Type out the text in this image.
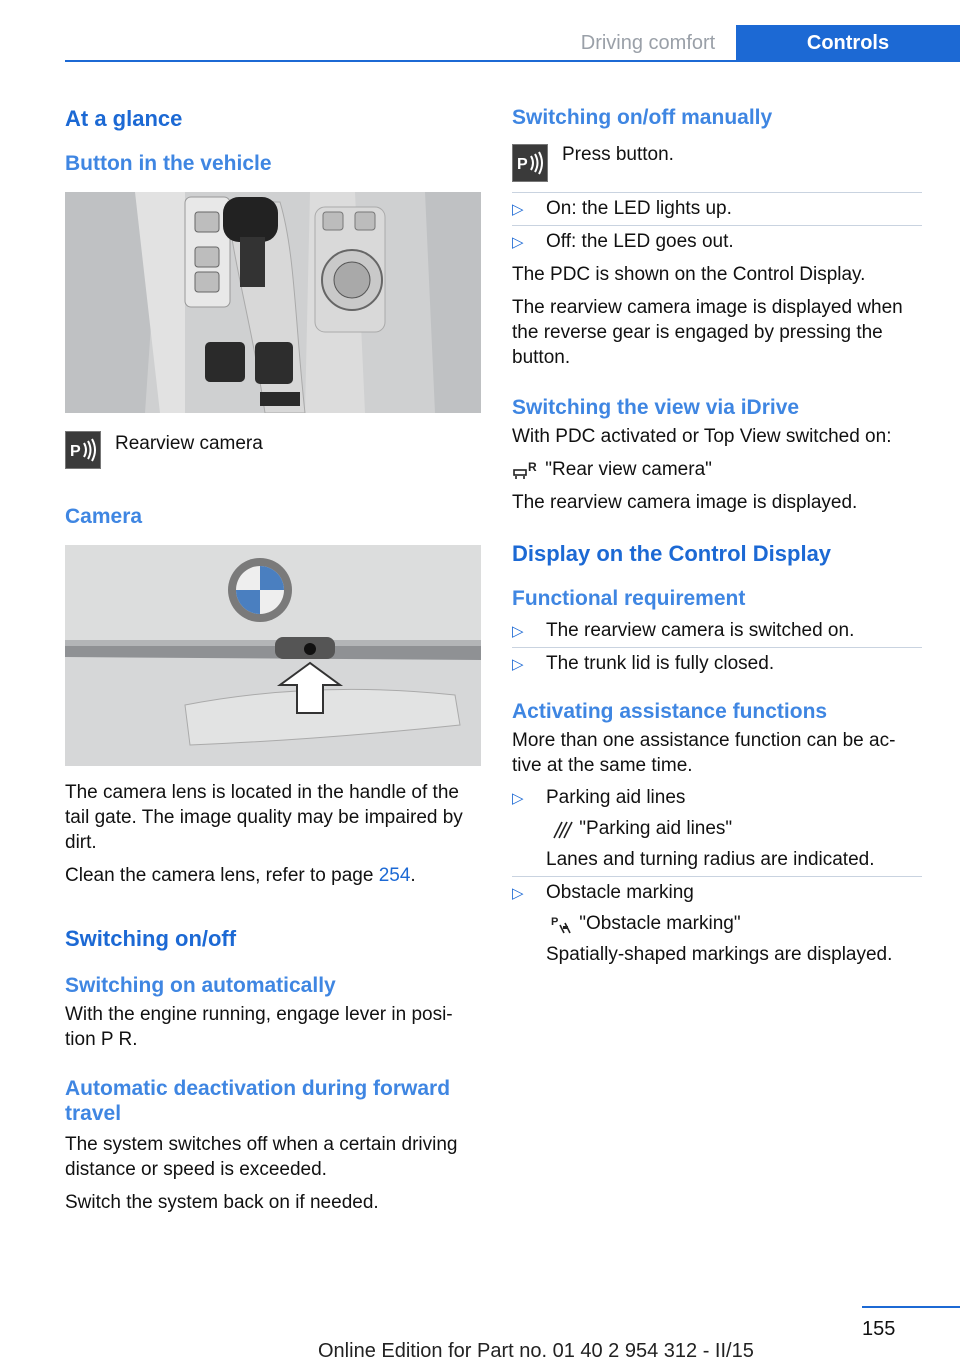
Driving comfort	Controls
At a glance
Button in the vehicle
P Rearview camera

Camera

The camera lens is located in the handle of the tail gate. The image quality may be impaired by dirt.

Clean the camera lens, refer to page 254.

Switching on/off
Switching on automatically

With the engine running, engage lever in posi‐tion P R.

Automatic deactivation during forward travel

The system switches off when a certain driving distance or speed is exceeded.

Switch the system back on if needed.

Switching on/off manually
P Press button.

▷ On: the LED lights up.
▷ Off: the LED goes out.

The PDC is shown on the Control Display.

The rearview camera image is displayed when the reverse gear is engaged by pressing the button.

Switching the view via iDrive

With PDC activated or Top View switched on:

R "Rear view camera"

The rearview camera image is displayed.

Display on the Control Display
Functional requirement
▷ The rearview camera is switched on.
▷ The trunk lid is fully closed.
Activating assistance functions

More than one assistance function can be ac‐tive at the same time.

▷ Parking aid lines
"Parking aid lines"
Lanes and turning radius are indicated.
▷ Obstacle marking
P "Obstacle marking"
Spatially-shaped markings are displayed.
155
Online Edition for Part no. 01 40 2 954 312 - II/15
